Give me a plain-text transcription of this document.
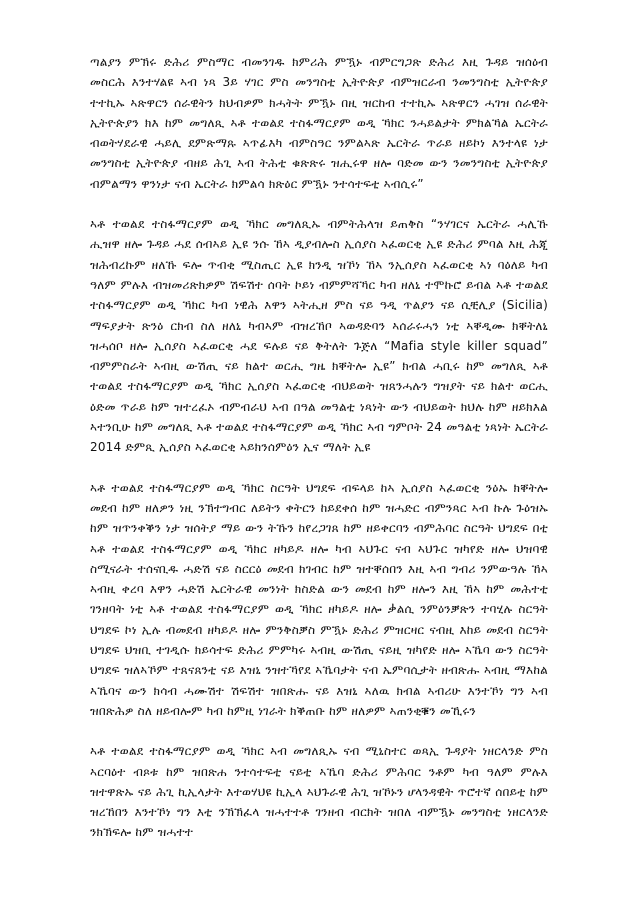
ጣልያን ምኽሩ ድሕሪ ምስማር ብመንገዱ ክምሪሕ ምዃኑ ብምርግጋጽ ድሕሪ እዚ ጉዳይ ዝሰዕብ መስርሕ እንተሃልዩ ኣብ ነጻ 3ይ ሃገር ምስ መንግስቲ ኢትዮጵያ ብምዝርራብ ንመንግስቲ ኢትዮጵያ ተተኪኡ ኣጽዋርን ሰራዊትን ክህብዎም ክሓትት ምዃኑ በዚ ዝርከብ ተተኪኡ ኣጽዋርን ሓገዝ ሰራዊት ኢትዮጵያን ክእ ከም መግለጺ ኣቶ ተወልደ ተስፋማርያም ወዲ ኻክር ንሓይልታት ምክልኻል ኤርትራ ብወትሃደራዊ ሓይሊ ደምጽማጹ ኣጥፊእካ ብምስዓር ንምልኣጽ ኤርትራ ጥራይ ዘይኮነ እንተላዩ ነታ መንግስቲ ኢትዮጵያ ብዘይ ሕጊ ኣብ ትሕቲ ቁጽጽሩ ዝሒሩዋ ዘሎ ባድመ ውን ንመንግስቲ ኢትዮጵያ ብምልማን ዋንነታ ናብ ኤርትራ ክምልሳ ክጽዕር ምዃኑ ንተሳተፍቲ ኣብሲሩ”

ኣቶ ተወልደ ተስፋማርያም ወዲ ኻክር መግለጺኡ ብምትሕላዝ ይጠቅስ “ንሃገርና ኤርትራ ሓሊኹ ሒዝዋ ዘሎ ጉዳይ ሓደ ሰብኣይ ኢዩ ንሱ ኸኣ ዲያብሎስ ኢሰያስ ኣፈወርቂ ኢዩ ድሕሪ ምባል እዚ ሕጂ ዝሕብረኩም ዘለኹ ፍሎ ጥብቂ ሚስጢር ኢዩ ክንዲ ዝኾነ ኸኣ ንኢሰያስ ኣፈወርቂ ኣነ ባዕለይ ካብ ዓለም ምሉእ ብዝመሪጽክዎም ሽፍሽተ ሰባት ኮይነ ብምምሻኻር ካብ ዘለኒ ተሞኩሮ ይብል ኣቶ ተወልደ ተስፋማርያም ወዲ ኻክር ካብ ነዊሕ እዋን ኣትሒዘ ምስ ናይ ዓዲ ጥልያን ናይ ሲቺሊያ (Sicilia) ማፍያታት ጽንዕ ርክብ ስለ ዘለኒ ካብኣም ብዝረኸቦ ኣወዳድባን ኣሰራሩሓን ነቲ ኣቐዲሙ ክቐትለኒ ዝሓሰቦ ዘሎ ኢሰያስ ኣፈወርቂ ሓደ ፍሉይ ናይ ቅትለት ጉጅለ “Mafia style killer squad” ብምምስራት ኣብዚ ውሽጢ ናይ ክልተ ወርሒ ግዜ ክቐትሎ ኢዩ” ክብል ሓቢሩ ከም መግለጺ ኣቶ ተወልደ ተስፋማርያም ወዲ ኻክር ኢሰያስ ኣፈወርቂ ብህይወት ዝጸንሓሉን ግዝያት ናይ ክልተ ወርሒ ዕድመ ጥራይ ከም ዝተረፈኦ ብምብራህ ኣብ በዓል መዓልቲ ነጻነት ውን ብህይወት ክህሉ ከም ዘይክእል ኣተንቢሁ ከም መግለጺ ኣቶ ተወልደ ተስፋማርያም ወዲ ኻክር ኣብ ግምቦት 24 መዓልቲ ነጻነት ኤርትራ 2014 ድምጺ ኢሰያስ ኣፈወርቂ ኣይክንሰምዕን ኢና ማለት ኢዩ

ኣቶ ተወልደ ተስፋማርያም ወዲ ኻክር ስርዓት ህግደፍ ብፍላይ ከኣ ኢሰያስ ኣፈወርቂ ንዕኡ ክቐትሎ መደብ ከም ዘለዎን ነዚ ንኽተግብር ለይትን ቀትርን ከይደቀሰ ከም ዝሓድር ብምንጻር ኣብ ኩሉ ጉዕዝኡ ከም ዝጥንቀቕን ነታ ዝሰትያ ማይ ውን ትኹን ከየረጋገጸ ከም ዘይቀርባን ብምሕባር ስርዓት ህግደፍ በቲ ኣቶ ተወልደ ተስፋማርያም ወዲ ኻክር ዘካይዶ ዘሎ ካብ ኣህጉር ናብ ኣህጉር ዝካየድ ዘሎ ህዝባዊ ስሚናራት ተሰናቢዱ ሓድሽ ናይ ስርርዕ መደብ ክገብር ከም ዝተቐሰበን እዚ ኣብ ግብሪ ንምውዓሉ ኸኣ ኣብዚ ቀረባ እዋን ሓድሽ ኤርትራዊ መንነት ክስድል ውን መደብ ከም ዘሎን እዚ ኸኣ ከም መሕተቲ ገንዘባት ነቲ ኣቶ ተወልደ ተስፋማርያም ወዲ ኻክር ዘካይዶ ዘሎ ቃልሲ ንምዕንቓጽን ተባሂሉ ስርዓት ህግደፍ ኮነ ኢሉ ብመደብ ዘካይዶ ዘሎ ምንቅስቓስ ምዃኑ ድሕሪ ምዝርዛር ናብዚ እከይ መደብ ስርዓት ህግደፍ ህዝቢ ተገዲሱ ክይሳተፍ ድሕሪ ምምካሩ ኣብዚ ውሽጢ ናይዚ ዝካየድ ዘሎ ኣኼባ ውን ስርዓት ህግደፍ ዝለኣኾም ተጸናጸንቲ ናይ እዝኒ ንዝተኻየደ ኣኼባታት ናብ ኤምባሲታት ዘብጽሑ ኣብዚ ማእከል ኣኼባና ውን ክሳብ ሓሙሽተ ሽፍሽተ ዝበጽሑ ናይ እዝኒ ኣለዉ ክብል ኣብሪሁ እንተኾነ ግን ኣብ ዝበጽሕዎ ስለ ዘይብሎም ካብ ከምዚ ነገራት ክቕጠቡ ከም ዘለዎም ኣጠንቂቑን መኺሩን

ኣቶ ተወልደ ተስፋማርያም ወዲ ኻክር ኣብ መግለጺኡ ናብ ሚኒስተር ወጻኢ ጉዳያት ነዘርላንድ ምስ ኣርባዕተ ብጾቱ ከም ዝበጽሐ ንተሳተፍቲ ናይቲ ኣኼባ ድሕሪ ምሕባር ንቶም ካብ ዓለም ምሉእ ዝተዋጽኡ ናይ ሕጊ ኪኢላታት እተወሃህዩ ኪኢላ ኣህጉራዊ ሕጊ ዝኾኑን ሆላንዳዊት ጥሮተኛ ሰበይቲ ከም ዝረኸበን እንተኾነ ግን እቲ ንኽኽፈላ ዝሓተተቶ ገንዘብ ብርክት ዝበለ ብምዃኑ መንግስቲ ነዘርላንድ ንክኽፍሎ ከም ዝሓተተ
